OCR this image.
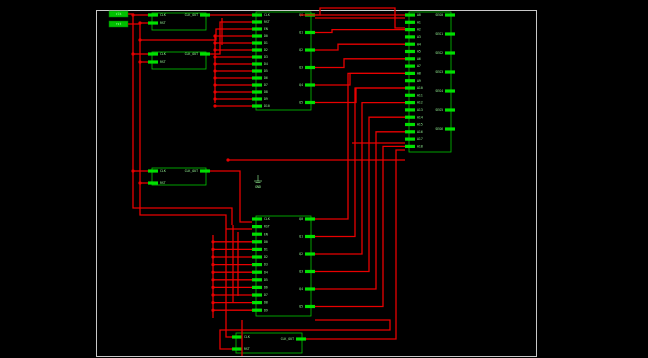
CLK
RST
CLK_OUT
CLK
RST
CLK_OUT
CLK
RST
EN
D0
D1
D2
D3
D4
D5
D6
D7
D8
D9
D10
Q0
Q1
Q2
Q3
Q4
Q5
A0
A1
A2
A3
A4
A5
A6
A7
A8
A9
A10
A11
A12
A13
A14
A15
A16
A17
A18
SEG0
SEG1
SEG2
SEG3
SEG4
SEG5
SEG6
CLK
RST
CLK_OUT
CLK
RST
EN
D0
D1
D2
D3
D4
D5
D6
D7
D8
D9
Q0
Q1
Q2
Q3
Q4
Q5
CLK
RST
CLK_OUT
clk
rst
GND
